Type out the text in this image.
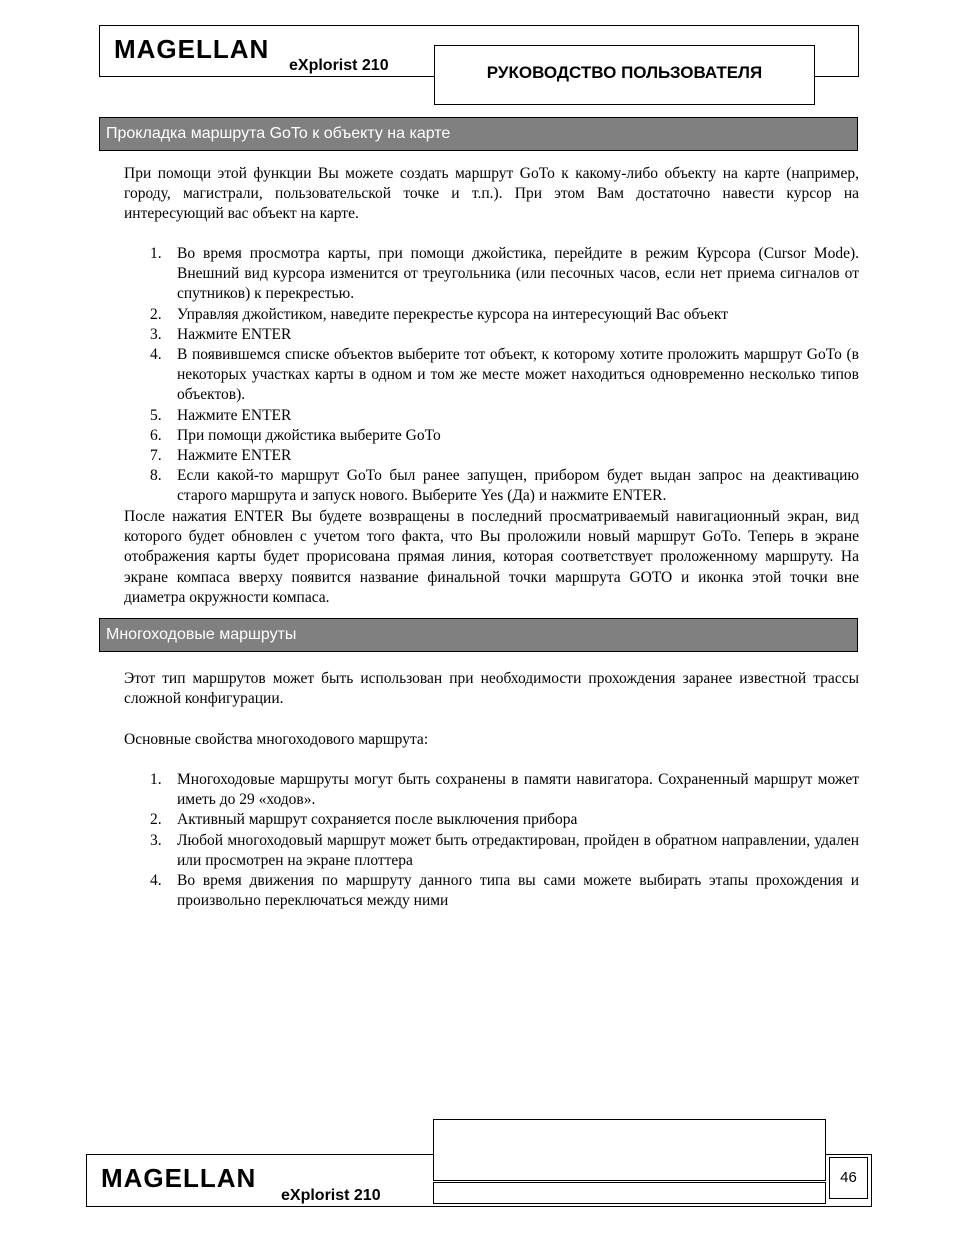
MAGELLAN
eXplorist 210	РУКОВОДСТВО ПОЛЬЗОВАТЕЛЯ
Прокладка маршрута GoTo к объекту на карте
При помощи этой функции Вы можете создать маршрут GoTo к какому-либо объекту на карте (например, городу, магистрали, пользовательской точке и т.п.). При этом Вам достаточно навести курсор на интересующий вас объект на карте.
1. Во время просмотра карты, при помощи джойстика, перейдите в режим Курсора (Cursor Mode). Внешний вид курсора изменится от треугольника (или песочных часов, если нет приема сигналов от спутников) к перекрестью.
2. Управляя джойстиком, наведите перекрестье курсора на интересующий Вас объект
3. Нажмите ENTER
4. В появившемся списке объектов выберите тот объект, к которому хотите проложить маршрут GoTo (в некоторых участках карты в одном и том же месте может находиться одновременно несколько типов объектов).
5. Нажмите ENTER
6. При помощи джойстика выберите GoTo
7. Нажмите ENTER
8. Если какой-то маршрут GoTo был ранее запущен, прибором будет выдан запрос на деактивацию старого маршрута и запуск нового. Выберите Yes (Да) и нажмите ENTER.
После нажатия ENTER Вы будете возвращены в последний просматриваемый навигационный экран, вид которого будет обновлен с учетом того факта, что Вы проложили новый маршрут GoTo. Теперь в экране отображения карты будет прорисована прямая линия, которая соответствует проложенному маршруту. На экране компаса вверху появится название финальной точки маршрута GOTO и иконка этой точки вне диаметра окружности компаса.
Многоходовые маршруты
Этот тип маршрутов может быть использован при необходимости прохождения заранее известной трассы сложной конфигурации.
Основные свойства многоходового маршрута:
1. Многоходовые маршруты могут быть сохранены в памяти навигатора. Сохраненный маршрут может иметь до 29 «ходов».
2. Активный маршрут сохраняется после выключения прибора
3. Любой многоходовый маршрут может быть отредактирован, пройден в обратном направлении, удален или просмотрен на экране плоттера
4. Во время движения по маршруту данного типа вы сами можете выбирать этапы прохождения и произвольно переключаться между ними
MAGELLAN
eXplorist 210
46
